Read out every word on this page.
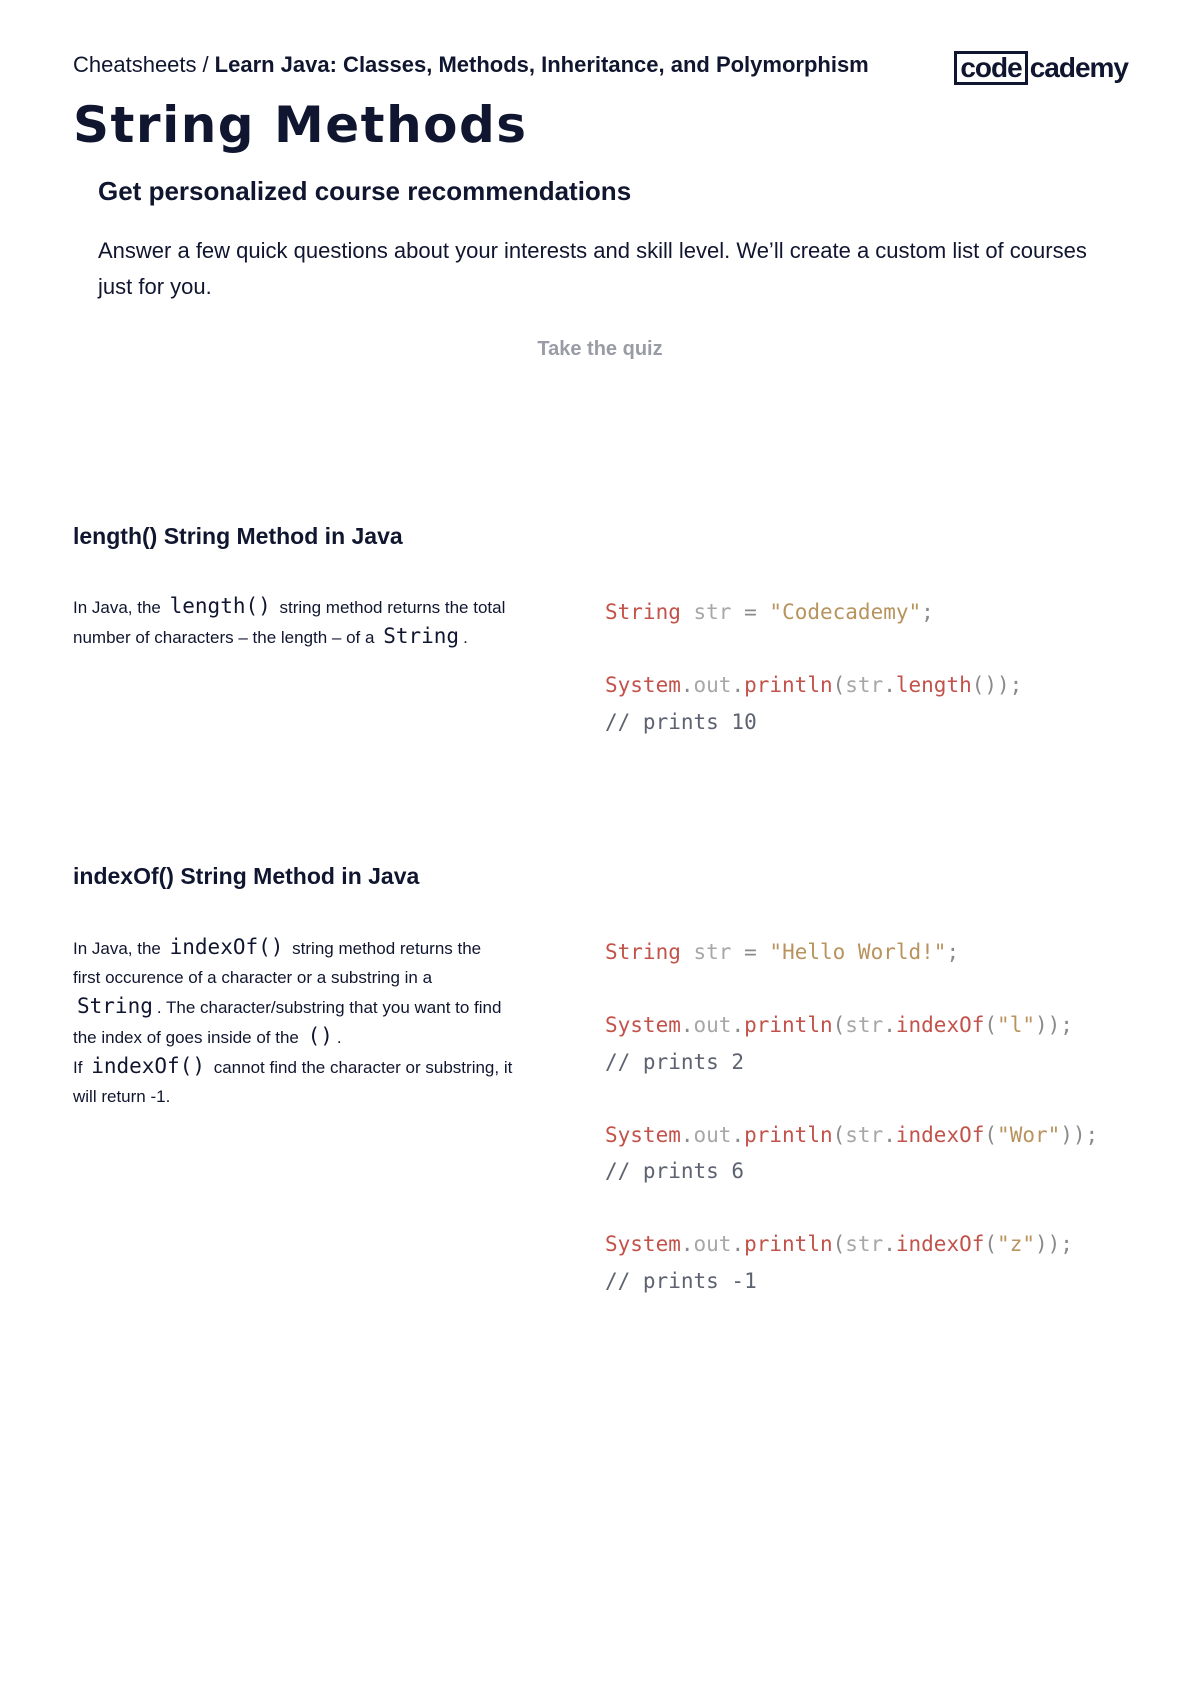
Cheatsheets / Learn Java: Classes, Methods, Inheritance, and Polymorphism	code cademy
String Methods
Get personalized course recommendations

Answer a few quick questions about your interests and skill level. We’ll create a custom list of courses just for you.

Take the quiz
length() String Method in Java
In Java, the length() string method returns the total number of characters – the length – of a String .
String str = "Codecademy";

System.out.println(str.length());
// prints 10
indexOf() String Method in Java
In Java, the indexOf() string method returns the first occurence of a character or a substring in a String . The character/substring that you want to find the index of goes inside of the () .
If indexOf() cannot find the character or substring, it will return -1.
String str = "Hello World!";

System.out.println(str.indexOf("l"));
// prints 2

System.out.println(str.indexOf("Wor"));
// prints 6

System.out.println(str.indexOf("z"));
// prints -1
